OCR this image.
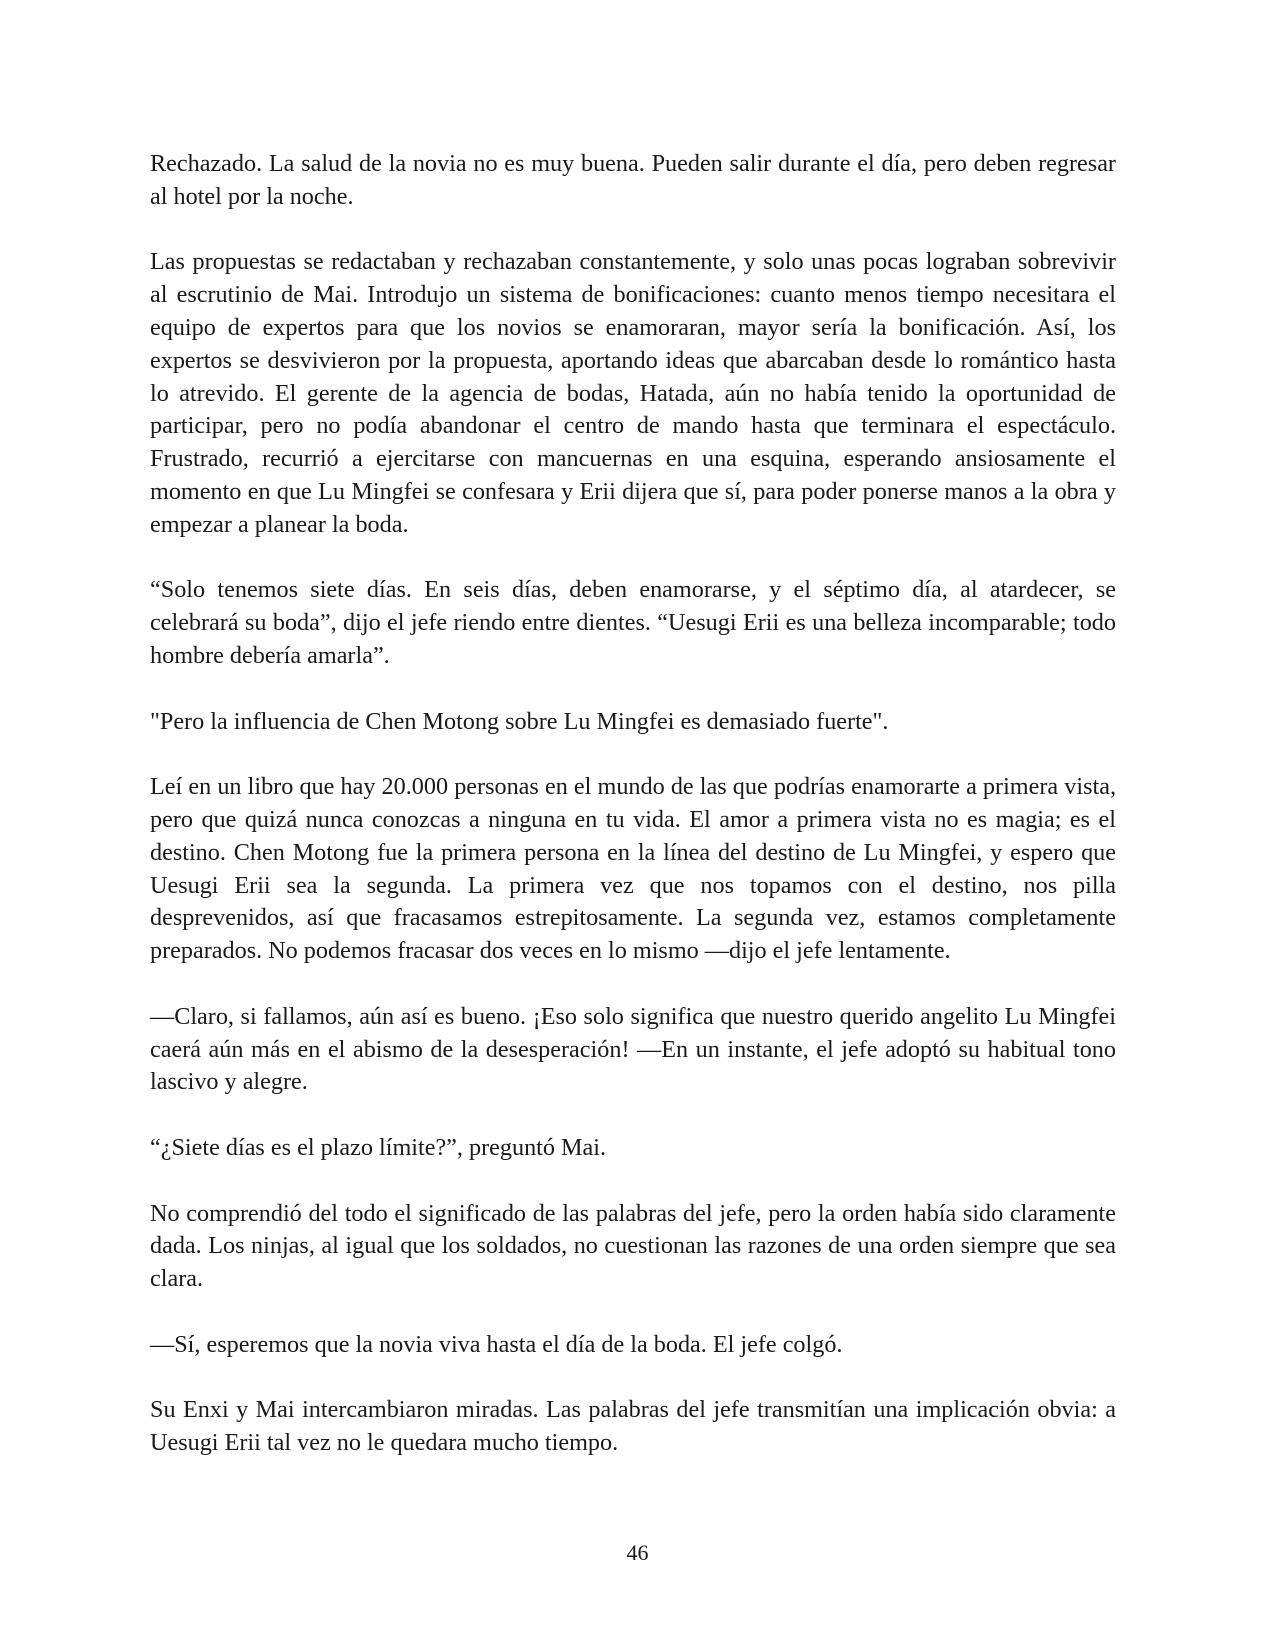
Rechazado. La salud de la novia no es muy buena. Pueden salir durante el día, pero deben regresar al hotel por la noche.

Las propuestas se redactaban y rechazaban constantemente, y solo unas pocas lograban sobrevivir al escrutinio de Mai. Introdujo un sistema de bonificaciones: cuanto menos tiempo necesitara el equipo de expertos para que los novios se enamoraran, mayor sería la bonificación. Así, los expertos se desvivieron por la propuesta, aportando ideas que abarcaban desde lo romántico hasta lo atrevido. El gerente de la agencia de bodas, Hatada, aún no había tenido la oportunidad de participar, pero no podía abandonar el centro de mando hasta que terminara el espectáculo. Frustrado, recurrió a ejercitarse con mancuernas en una esquina, esperando ansiosamente el momento en que Lu Mingfei se confesara y Erii dijera que sí, para poder ponerse manos a la obra y empezar a planear la boda.

“Solo tenemos siete días. En seis días, deben enamorarse, y el séptimo día, al atardecer, se celebrará su boda”, dijo el jefe riendo entre dientes. “Uesugi Erii es una belleza incomparable; todo hombre debería amarla”.

"Pero la influencia de Chen Motong sobre Lu Mingfei es demasiado fuerte".

Leí en un libro que hay 20.000 personas en el mundo de las que podrías enamorarte a primera vista, pero que quizá nunca conozcas a ninguna en tu vida. El amor a primera vista no es magia; es el destino. Chen Motong fue la primera persona en la línea del destino de Lu Mingfei, y espero que Uesugi Erii sea la segunda. La primera vez que nos topamos con el destino, nos pilla desprevenidos, así que fracasamos estrepitosamente. La segunda vez, estamos completamente preparados. No podemos fracasar dos veces en lo mismo —dijo el jefe lentamente.

—Claro, si fallamos, aún así es bueno. ¡Eso solo significa que nuestro querido angelito Lu Mingfei caerá aún más en el abismo de la desesperación! —En un instante, el jefe adoptó su habitual tono lascivo y alegre.

“¿Siete días es el plazo límite?”, preguntó Mai.

No comprendió del todo el significado de las palabras del jefe, pero la orden había sido claramente dada. Los ninjas, al igual que los soldados, no cuestionan las razones de una orden siempre que sea clara.

—Sí, esperemos que la novia viva hasta el día de la boda. El jefe colgó.

Su Enxi y Mai intercambiaron miradas. Las palabras del jefe transmitían una implicación obvia: a Uesugi Erii tal vez no le quedara mucho tiempo.

46
